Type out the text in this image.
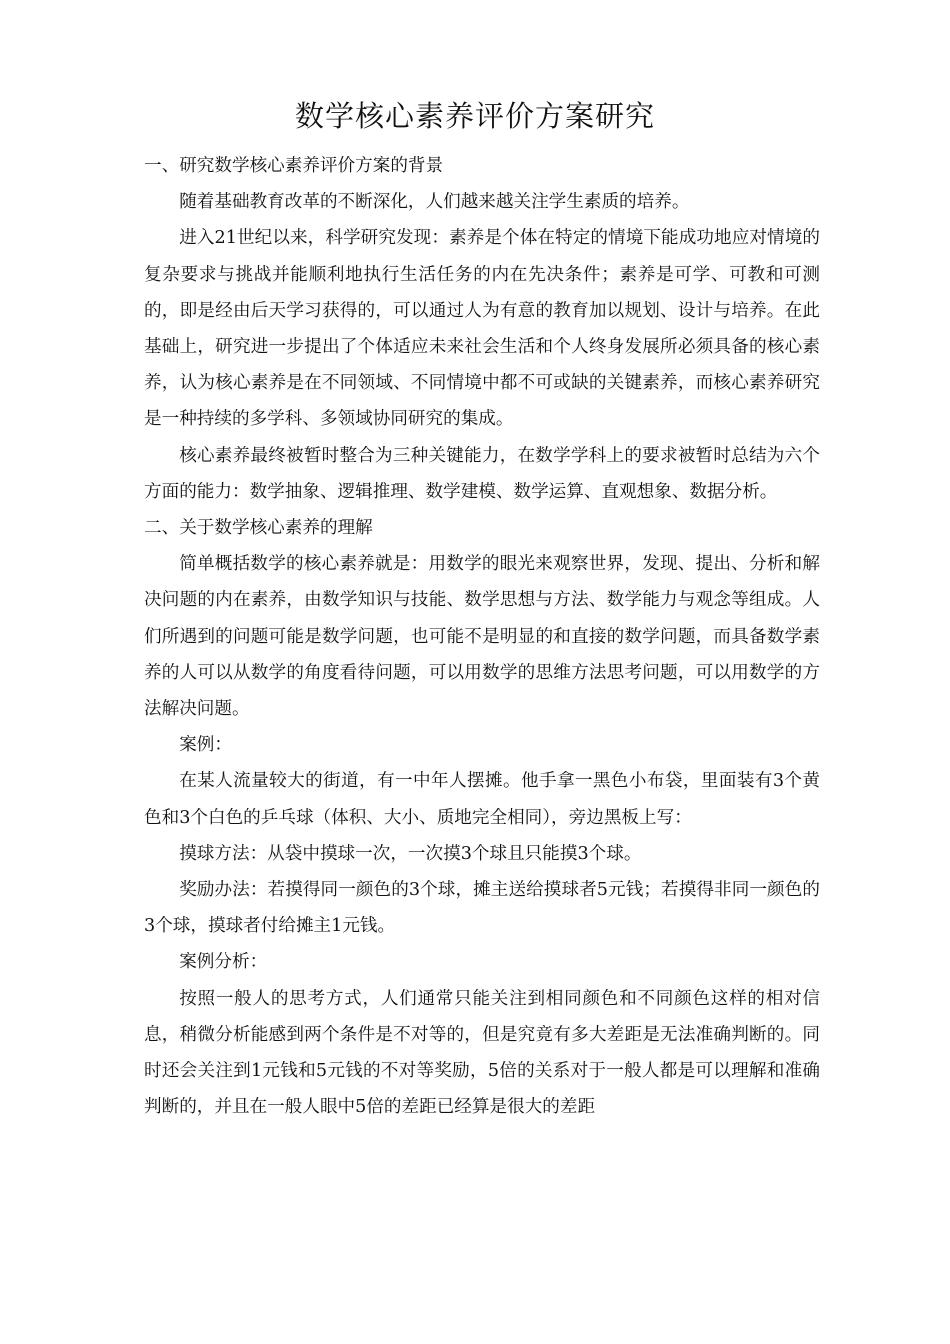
数学核心素养评价方案研究

一、研究数学核心素养评价方案的背景

随着基础教育改革的不断深化，人们越来越关注学生素质的培养。

进入21世纪以来，科学研究发现：素养是个体在特定的情境下能成功地应对情境的复杂要求与挑战并能顺利地执行生活任务的内在先决条件；素养是可学、可教和可测的，即是经由后天学习获得的，可以通过人为有意的教育加以规划、设计与培养。在此基础上，研究进一步提出了个体适应未来社会生活和个人终身发展所必须具备的核心素养，认为核心素养是在不同领域、不同情境中都不可或缺的关键素养，而核心素养研究是一种持续的多学科、多领域协同研究的集成。

核心素养最终被暂时整合为三种关键能力，在数学学科上的要求被暂时总结为六个方面的能力：数学抽象、逻辑推理、数学建模、数学运算、直观想象、数据分析。

二、关于数学核心素养的理解

简单概括数学的核心素养就是：用数学的眼光来观察世界，发现、提出、分析和解决问题的内在素养，由数学知识与技能、数学思想与方法、数学能力与观念等组成。人们所遇到的问题可能是数学问题，也可能不是明显的和直接的数学问题，而具备数学素养的人可以从数学的角度看待问题，可以用数学的思维方法思考问题，可以用数学的方法解决问题。

案例：

在某人流量较大的街道，有一中年人摆摊。他手拿一黑色小布袋，里面装有3个黄色和3个白色的乒乓球（体积、大小、质地完全相同），旁边黑板上写：

摸球方法：从袋中摸球一次，一次摸3个球且只能摸3个球。

奖励办法：若摸得同一颜色的3个球，摊主送给摸球者5元钱；若摸得非同一颜色的3个球，摸球者付给摊主1元钱。

案例分析：

按照一般人的思考方式，人们通常只能关注到相同颜色和不同颜色这样的相对信息，稍微分析能感到两个条件是不对等的，但是究竟有多大差距是无法准确判断的。同时还会关注到1元钱和5元钱的不对等奖励，5倍的关系对于一般人都是可以理解和准确判断的，并且在一般人眼中5倍的差距已经算是很大的差距
